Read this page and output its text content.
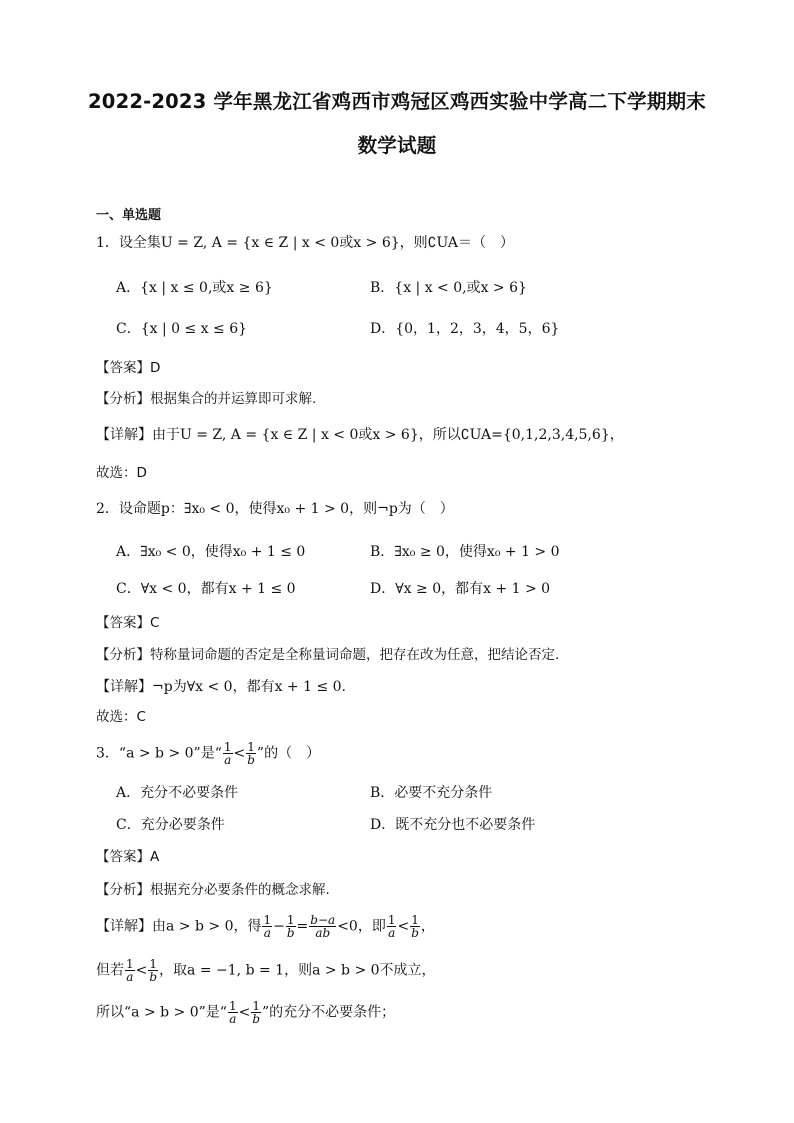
2022-2023 学年黑龙江省鸡西市鸡冠区鸡西实验中学高二下学期期末
数学试题
一、单选题
1．设全集U = Z, A = {x ∈ Z | x < 0或x > 6}，则∁UA＝（　）
A．{x | x ≤ 0,或x ≥ 6}	B．{x | x < 0,或x > 6}
C．{x | 0 ≤ x ≤ 6}	D．{0，1，2，3，4，5，6}
【答案】D
【分析】根据集合的并运算即可求解.
【详解】由于U = Z, A = {x ∈ Z | x < 0或x > 6}，所以∁UA={0,1,2,3,4,5,6}，
故选：D
2．设命题p：∃x₀ < 0，使得x₀ + 1 > 0，则¬p为（　）
A．∃x₀ < 0，使得x₀ + 1 ≤ 0	B．∃x₀ ≥ 0，使得x₀ + 1 > 0
C．∀x < 0，都有x + 1 ≤ 0	D．∀x ≥ 0，都有x + 1 > 0
【答案】C
【分析】特称量词命题的否定是全称量词命题，把存在改为任意，把结论否定.
【详解】¬p为∀x < 0，都有x + 1 ≤ 0.
故选：C
3．“a > b > 0”是“ $\frac{1}{a} < \frac{1}{b}$ ”的（　）
A．充分不必要条件	B．必要不充分条件
C．充分必要条件	D．既不充分也不必要条件
【答案】A
【分析】根据充分必要条件的概念求解.
【详解】由a > b > 0，得 $\frac{1}{a} - \frac{1}{b} = \frac{b-a}{ab} <0$，即 $\frac{1}{a} < \frac{1}{b}$ ，
但若 $\frac{1}{a} < \frac{1}{b}$ ，取a = −1, b = 1，则a > b > 0不成立，
所以“a > b > 0”是“ $\frac{1}{a} < \frac{1}{b}$ ”的充分不必要条件；
